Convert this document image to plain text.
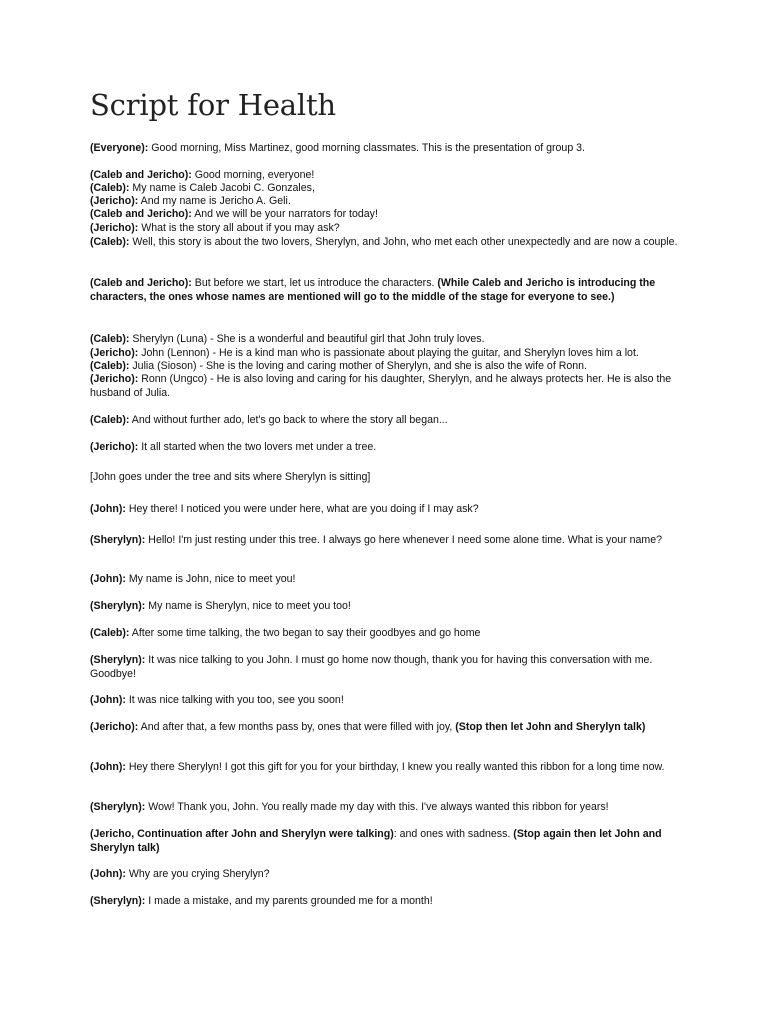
Script for Health

(Everyone): Good morning, Miss Martinez, good morning classmates. This is the presentation of group 3.

(Caleb and Jericho): Good morning, everyone!

(Caleb): My name is Caleb Jacobi C. Gonzales,

(Jericho): And my name is Jericho A. Geli.

(Caleb and Jericho): And we will be your narrators for today!

(Jericho): What is the story all about if you may ask?

(Caleb): Well, this story is about the two lovers, Sherylyn, and John, who met each other unexpectedly and are now a couple.

(Caleb and Jericho): But before we start, let us introduce the characters. (While Caleb and Jericho is introducing the characters, the ones whose names are mentioned will go to the middle of the stage for everyone to see.)

(Caleb): Sherylyn (Luna) - She is a wonderful and beautiful girl that John truly loves.

(Jericho): John (Lennon) - He is a kind man who is passionate about playing the guitar, and Sherylyn loves him a lot.

(Caleb): Julia (Sioson) - She is the loving and caring mother of Sherylyn, and she is also the wife of Ronn.

(Jericho): Ronn (Ungco) - He is also loving and caring for his daughter, Sherylyn, and he always protects her. He is also the husband of Julia.

(Caleb): And without further ado, let's go back to where the story all began...

(Jericho): It all started when the two lovers met under a tree.

[John goes under the tree and sits where Sherylyn is sitting]

(John): Hey there! I noticed you were under here, what are you doing if I may ask?

(Sherylyn): Hello! I'm just resting under this tree. I always go here whenever I need some alone time. What is your name?

(John): My name is John, nice to meet you!

(Sherylyn): My name is Sherylyn, nice to meet you too!

(Caleb): After some time talking, the two began to say their goodbyes and go home

(Sherylyn): It was nice talking to you John. I must go home now though, thank you for having this conversation with me. Goodbye!

(John): It was nice talking with you too, see you soon!

(Jericho): And after that, a few months pass by, ones that were filled with joy, (Stop then let John and Sherylyn talk)

(John): Hey there Sherylyn! I got this gift for you for your birthday, I knew you really wanted this ribbon for a long time now.

(Sherylyn): Wow! Thank you, John. You really made my day with this. I've always wanted this ribbon for years!

(Jericho, Continuation after John and Sherylyn were talking): and ones with sadness. (Stop again then let John and Sherylyn talk)

(John): Why are you crying Sherylyn?

(Sherylyn): I made a mistake, and my parents grounded me for a month!
